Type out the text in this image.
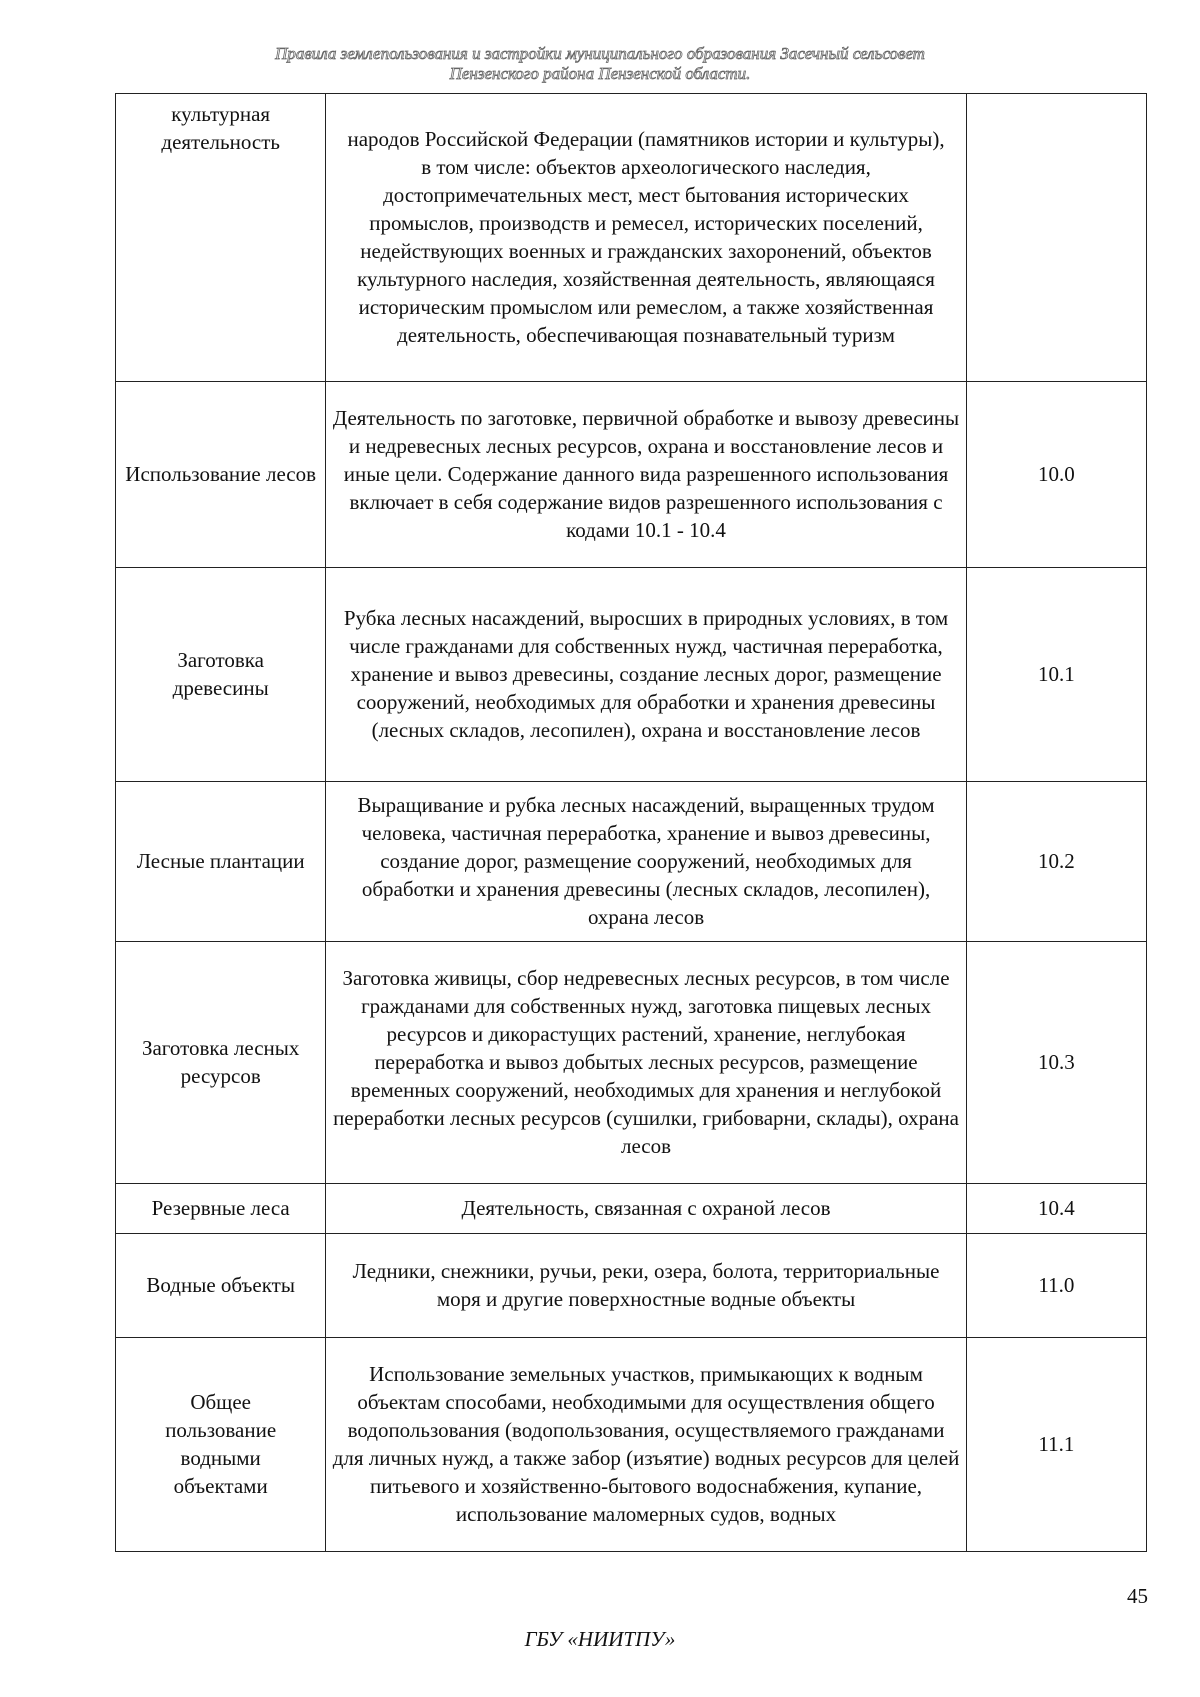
Правила землепользования и застройки муниципального образования Засечный сельсовет
Пензенского района Пензенской области.
культурная деятельность	народов Российской Федерации (памятников истории и культуры), в том числе: объектов археологического наследия, достопримечательных мест, мест бытования исторических промыслов, производств и ремесел, исторических поселений, недействующих военных и гражданских захоронений, объектов культурного наследия, хозяйственная деятельность, являющаяся историческим промыслом или ремеслом, а также хозяйственная деятельность, обеспечивающая познавательный туризм	
Использование лесов	Деятельность по заготовке, первичной обработке и вывозу древесины и недревесных лесных ресурсов, охрана и восстановление лесов и иные цели. Содержание данного вида разрешенного использования включает в себя содержание видов разрешенного использования с кодами 10.1 - 10.4	10.0
Заготовка древесины	Рубка лесных насаждений, выросших в природных условиях, в том числе гражданами для собственных нужд, частичная переработка, хранение и вывоз древесины, создание лесных дорог, размещение сооружений, необходимых для обработки и хранения древесины (лесных складов, лесопилен), охрана и восстановление лесов	10.1
Лесные плантации	Выращивание и рубка лесных насаждений, выращенных трудом человека, частичная переработка, хранение и вывоз древесины, создание дорог, размещение сооружений, необходимых для обработки и хранения древесины (лесных складов, лесопилен), охрана лесов	10.2
Заготовка лесных ресурсов	Заготовка живицы, сбор недревесных лесных ресурсов, в том числе гражданами для собственных нужд, заготовка пищевых лесных ресурсов и дикорастущих растений, хранение, неглубокая переработка и вывоз добытых лесных ресурсов, размещение временных сооружений, необходимых для хранения и неглубокой переработки лесных ресурсов (сушилки, грибоварни, склады), охрана лесов	10.3
Резервные леса	Деятельность, связанная с охраной лесов	10.4
Водные объекты	Ледники, снежники, ручьи, реки, озера, болота, территориальные моря и другие поверхностные водные объекты	11.0
Общее пользование водными объектами	Использование земельных участков, примыкающих к водным объектам способами, необходимыми для осуществления общего водопользования (водопользования, осуществляемого гражданами для личных нужд, а также забор (изъятие) водных ресурсов для целей питьевого и хозяйственно-бытового водоснабжения, купание, использование маломерных судов, водных	11.1
45
ГБУ «НИИТПУ»
